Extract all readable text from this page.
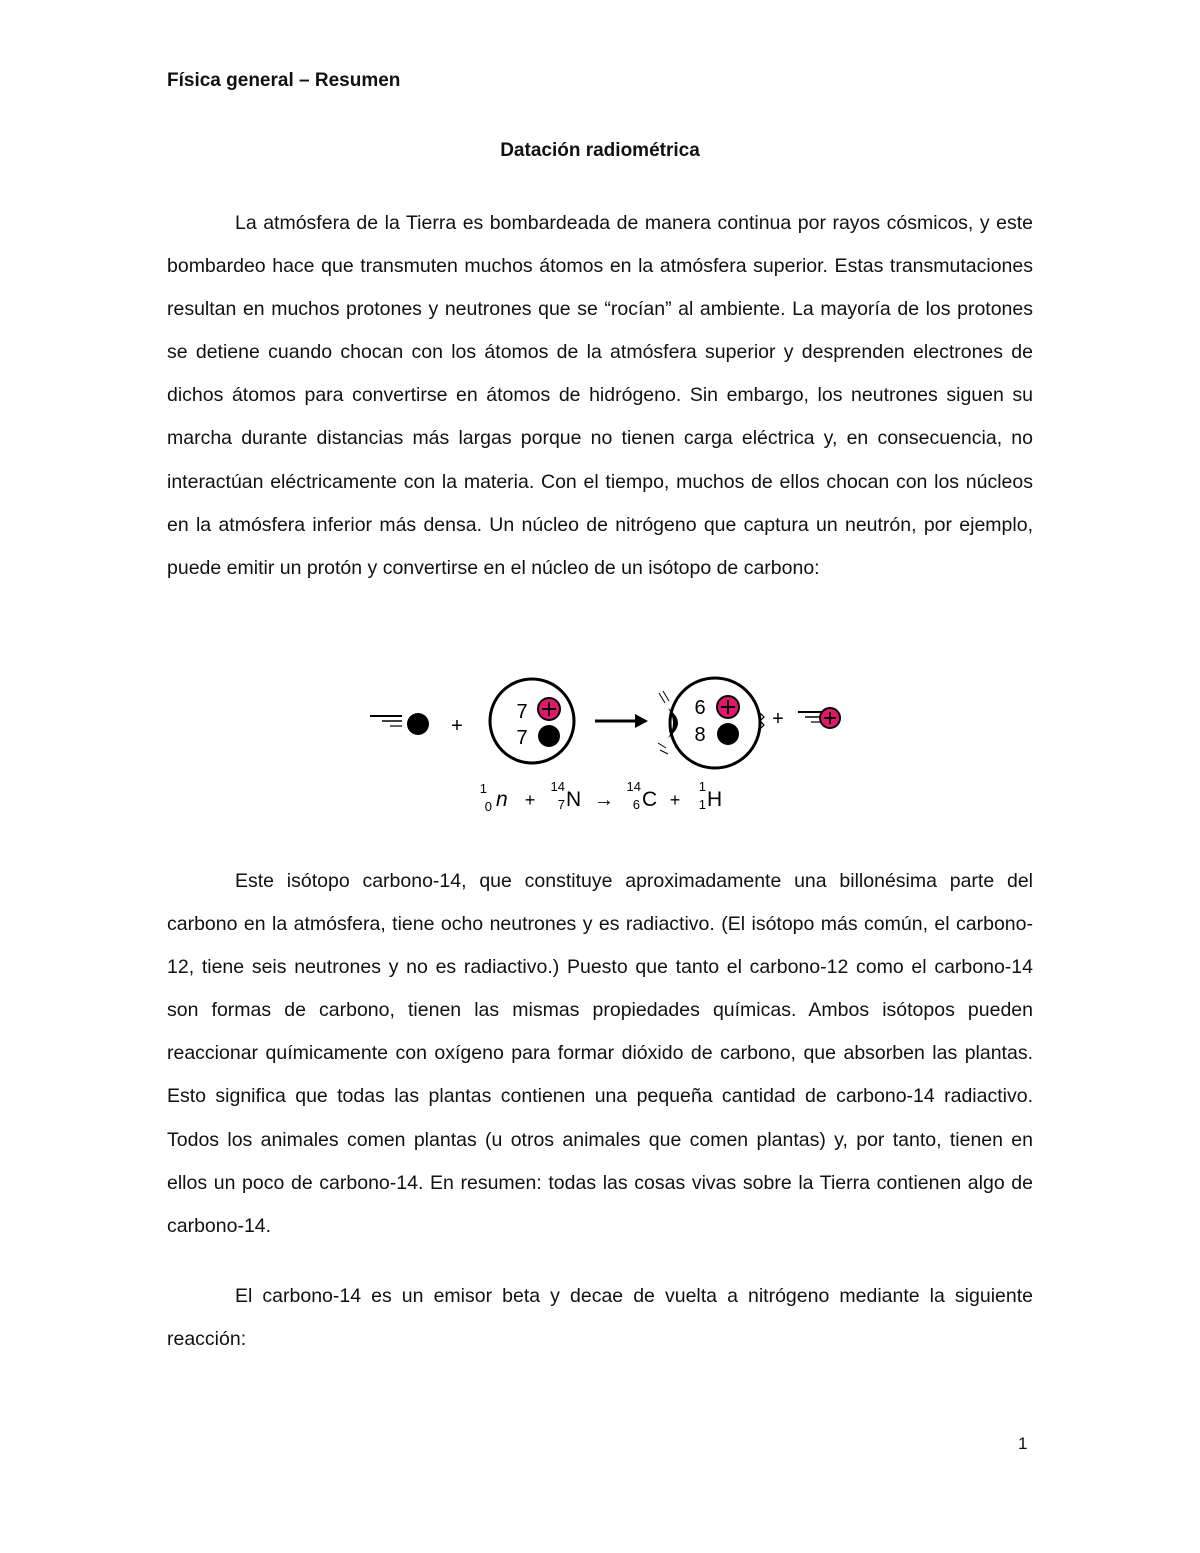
Física general – Resumen
Datación radiométrica

La atmósfera de la Tierra es bombardeada de manera continua por rayos cósmicos, y este bombardeo hace que transmuten muchos átomos en la atmósfera superior. Estas transmutaciones resultan en muchos protones y neutrones que se “rocían” al ambiente. La mayoría de los protones se detiene cuando chocan con los átomos de la atmósfera superior y desprenden electrones de dichos átomos para convertirse en átomos de hidrógeno. Sin embargo, los neutrones siguen su marcha durante distancias más largas porque no tienen carga eléctrica y, en consecuencia, no interactúan eléctricamente con la materia. Con el tiempo, muchos de ellos chocan con los núcleos en la atmósfera inferior más densa. Un núcleo de nitrógeno que captura un neutrón, por ejemplo, puede emitir un protón y convertirse en el núcleo de un isótopo de carbono:

+
7
7
6
8
+
1
0 n +
14
7 N →
14
6 C +
1
1 H

Este isótopo carbono-14, que constituye aproximadamente una billonésima parte del carbono en la atmósfera, tiene ocho neutrones y es radiactivo. (El isótopo más común, el carbono-12, tiene seis neutrones y no es radiactivo.) Puesto que tanto el carbono-12 como el carbono-14 son formas de carbono, tienen las mismas propiedades químicas. Ambos isótopos pueden reaccionar químicamente con oxígeno para formar dióxido de carbono, que absorben las plantas. Esto significa que todas las plantas contienen una pequeña cantidad de carbono-14 radiactivo. Todos los animales comen plantas (u otros animales que comen plantas) y, por tanto, tienen en ellos un poco de carbono-14. En resumen: todas las cosas vivas sobre la Tierra contienen algo de carbono-14.

El carbono-14 es un emisor beta y decae de vuelta a nitrógeno mediante la siguiente reacción:

1
